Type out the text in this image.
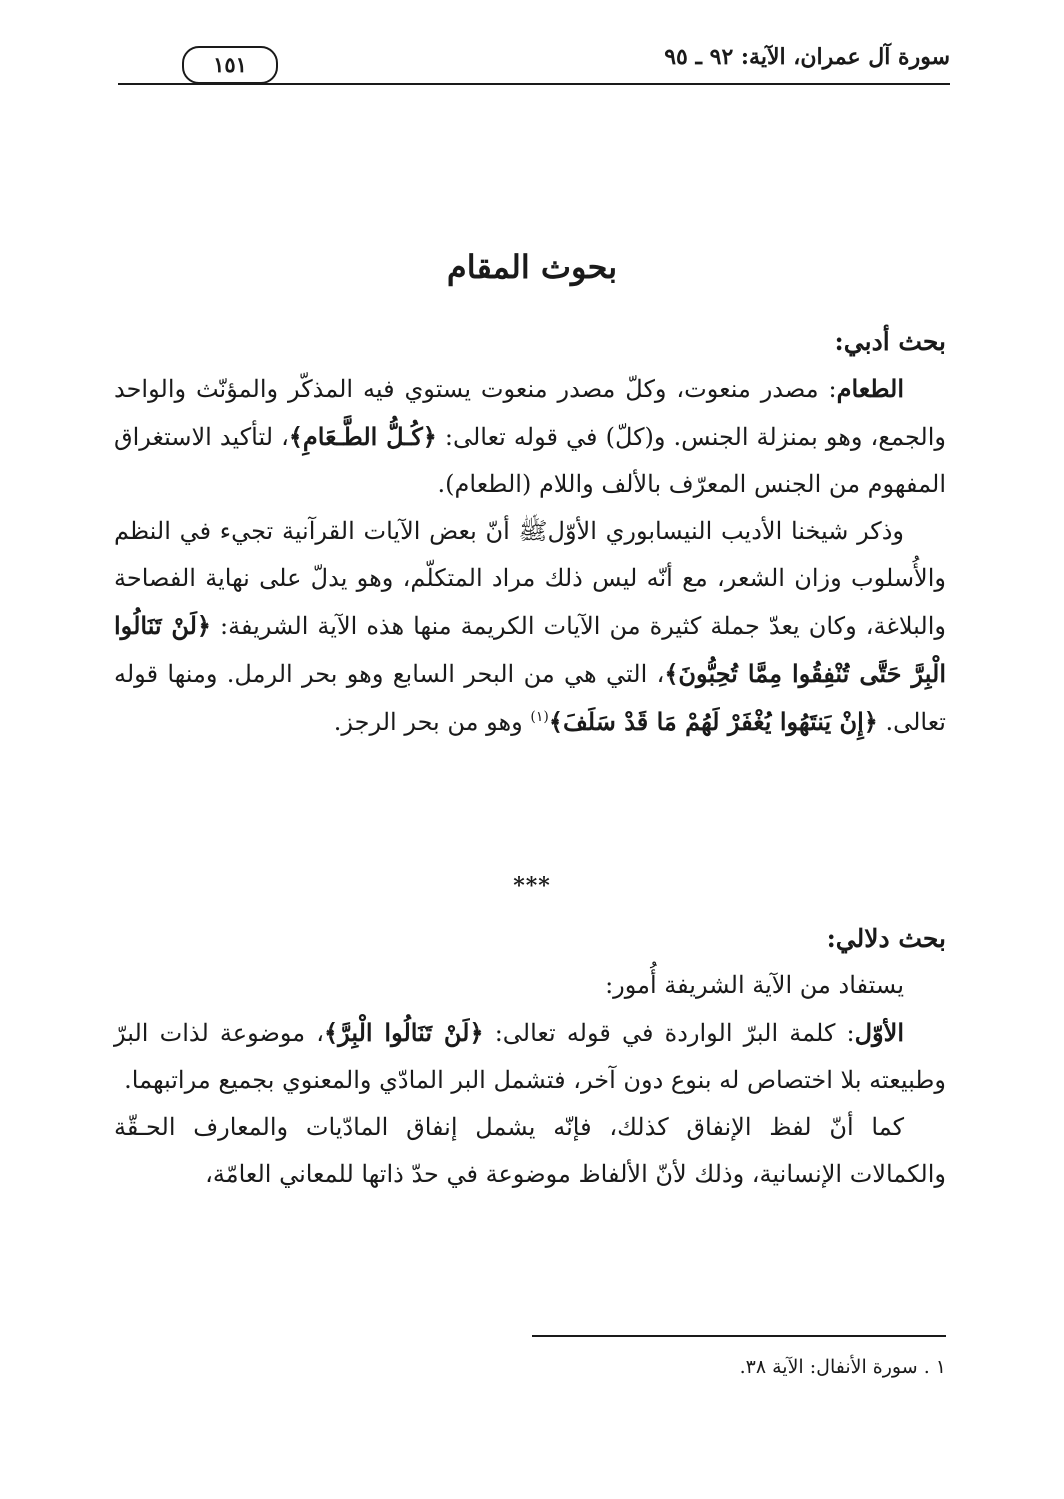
سورة آل عمران، الآية: ٩٢ ـ ٩٥
١٥١
بحوث المقام

بحث أدبي:

الطعام: مصدر منعوت، وكلّ مصدر منعوت يستوي فيه المذكّر والمؤنّث والواحد والجمع، وهو بمنزلة الجنس. و(كلّ) في قوله تعالى: ﴿كُـلُّ الطَّـعَامِ﴾، لتأكيد الاستغراق المفهوم من الجنس المعرّف بالألف واللام (الطعام).

وذكر شيخنا الأديب النيسابوري الأوّلﷺ أنّ بعض الآيات القرآنية تجيء في النظم والأُسلوب وزان الشعر، مع أنّه ليس ذلك مراد المتكلّم، وهو يدلّ على نهاية الفصاحة والبلاغة، وكان يعدّ جملة كثيرة من الآيات الكريمة منها هذه الآية الشريفة: ﴿لَنْ تَنَالُوا الْبِرَّ حَتَّى تُنْفِقُوا مِمَّا تُحِبُّونَ﴾، التي هي من البحر السابع وهو بحر الرمل. ومنها قوله تعالى. ﴿إِنْ يَنتَهُوا يُغْفَرْ لَهُمْ مَا قَدْ سَلَفَ﴾$^{(١)}$ وهو من بحر الرجز.

***

بحث دلالي:

يستفاد من الآية الشريفة أُمور:

الأوّل: كلمة البرّ الواردة في قوله تعالى: ﴿لَنْ تَنَالُوا الْبِرَّ﴾، موضوعة لذات البرّ وطبيعته بلا اختصاص له بنوع دون آخر، فتشمل البر المادّي والمعنوي بجميع مراتبهما.

كما أنّ لفظ الإنفاق كذلك، فإنّه يشمل إنفاق المادّيات والمعارف الحـقّة والكمالات الإنسانية، وذلك لأنّ الألفاظ موضوعة في حدّ ذاتها للمعاني العامّة،

١ . سورة الأنفال: الآية ٣٨.
